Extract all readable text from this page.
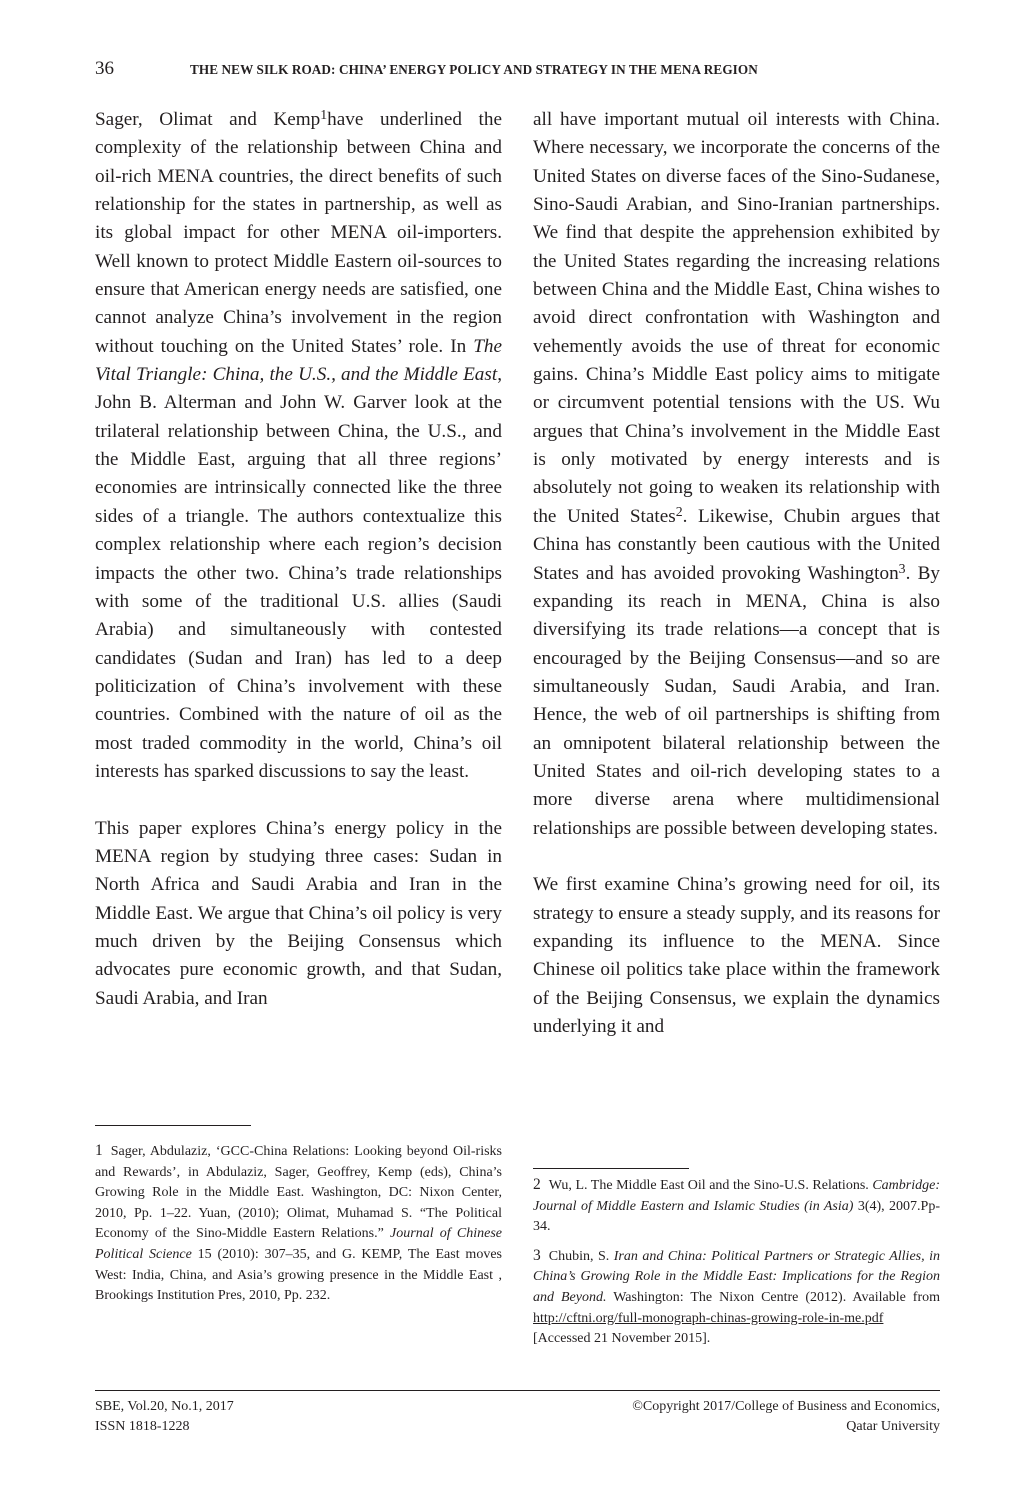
36	THE NEW SILK ROAD: CHINA’ ENERGY POLICY AND STRATEGY IN THE MENA REGION

Sager, Olimat and Kemp$^1$have underlined the complexity of the relationship between China and oil-rich MENA countries, the direct benefits of such relationship for the states in partnership, as well as its global impact for other MENA oil-importers. Well known to protect Middle Eastern oil-sources to ensure that American energy needs are satisfied, one cannot analyze China’s involvement in the region without touching on the United States’ role. In The Vital Triangle: China, the U.S., and the Middle East, John B. Alterman and John W. Garver look at the trilateral relationship between China, the U.S., and the Middle East, arguing that all three regions’ economies are intrinsically connected like the three sides of a triangle. The authors contextualize this complex relationship where each region’s decision impacts the other two. China’s trade relationships with some of the traditional U.S. allies (Saudi Arabia) and simultaneously with contested candidates (Sudan and Iran) has led to a deep politicization of China’s involvement with these countries. Combined with the nature of oil as the most traded commodity in the world, China’s oil interests has sparked discussions to say the least.

This paper explores China’s energy policy in the MENA region by studying three cases: Sudan in North Africa and Saudi Arabia and Iran in the Middle East. We argue that China’s oil policy is very much driven by the Beijing Consensus which advocates pure economic growth, and that Sudan, Saudi Arabia, and Iran

all have important mutual oil interests with China. Where necessary, we incorporate the concerns of the United States on diverse faces of the Sino-Sudanese, Sino-Saudi Arabian, and Sino-Iranian partnerships. We find that despite the apprehension exhibited by the United States regarding the increasing relations between China and the Middle East, China wishes to avoid direct confrontation with Washington and vehemently avoids the use of threat for economic gains. China’s Middle East policy aims to mitigate or circumvent potential tensions with the US. Wu argues that China’s involvement in the Middle East is only motivated by energy interests and is absolutely not going to weaken its relationship with the United States$^2$. Likewise, Chubin argues that China has constantly been cautious with the United States and has avoided provoking Washington$^3$. By expanding its reach in MENA, China is also diversifying its trade relations—a concept that is encouraged by the Beijing Consensus—and so are simultaneously Sudan, Saudi Arabia, and Iran. Hence, the web of oil partnerships is shifting from an omnipotent bilateral relationship between the United States and oil-rich developing states to a more diverse arena where multidimensional relationships are possible between developing states.

We first examine China’s growing need for oil, its strategy to ensure a steady supply, and its reasons for expanding its influence to the MENA. Since Chinese oil politics take place within the framework of the Beijing Consensus, we explain the dynamics underlying it and

1 Sager, Abdulaziz, ‘GCC-China Relations: Looking beyond Oil-risks and Rewards’, in Abdulaziz, Sager, Geoffrey, Kemp (eds), China’s Growing Role in the Middle East. Washington, DC: Nixon Center, 2010, Pp. 1–22. Yuan, (2010); Olimat, Muhamad S. “The Political Economy of the Sino-Middle Eastern Relations.” Journal of Chinese Political Science 15 (2010): 307–35, and G. KEMP, The East moves West: India, China, and Asia’s growing presence in the Middle East , Brookings Institution Pres, 2010, Pp. 232.

2 Wu, L. The Middle East Oil and the Sino-U.S. Relations. Cambridge: Journal of Middle Eastern and Islamic Studies (in Asia) 3(4), 2007.Pp-34.

3 Chubin, S. Iran and China: Political Partners or Strategic Allies, in China’s Growing Role in the Middle East: Implications for the Region and Beyond. Washington: The Nixon Centre (2012). Available from http://cftni.org/full-monograph-chinas-growing-role-in-me.pdf [Accessed 21 November 2015].

SBE, Vol.20, No.1, 2017
ISSN 1818-1228
©Copyright 2017/College of Business and Economics,
Qatar University
